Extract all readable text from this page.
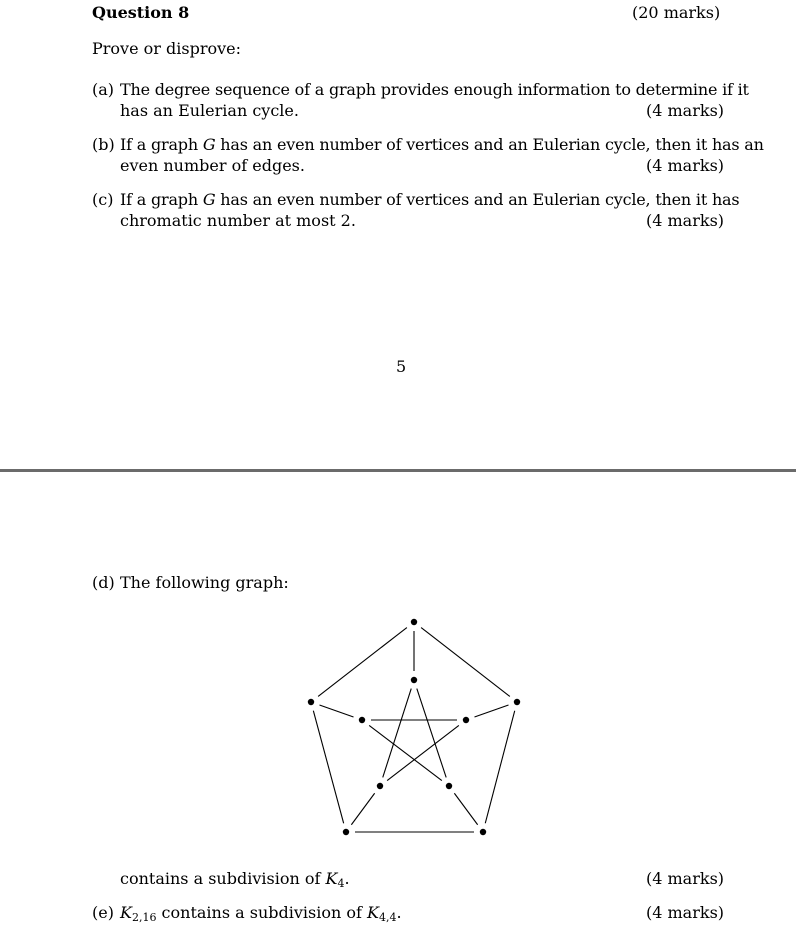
Question 8	(20 marks)
Prove or disprove:
(a) The degree sequence of a graph provides enough information to determine if it
has an Eulerian cycle.	(4 marks)
(b) If a graph G has an even number of vertices and an Eulerian cycle, then it has an
even number of edges.	(4 marks)
(c) If a graph G has an even number of vertices and an Eulerian cycle, then it has
chromatic number at most 2.	(4 marks)
5
(d) The following graph:
contains a subdivision of $K_4$.	(4 marks)
(e) $K_{2,16}$ contains a subdivision of $K_{4,4}$.	(4 marks)
